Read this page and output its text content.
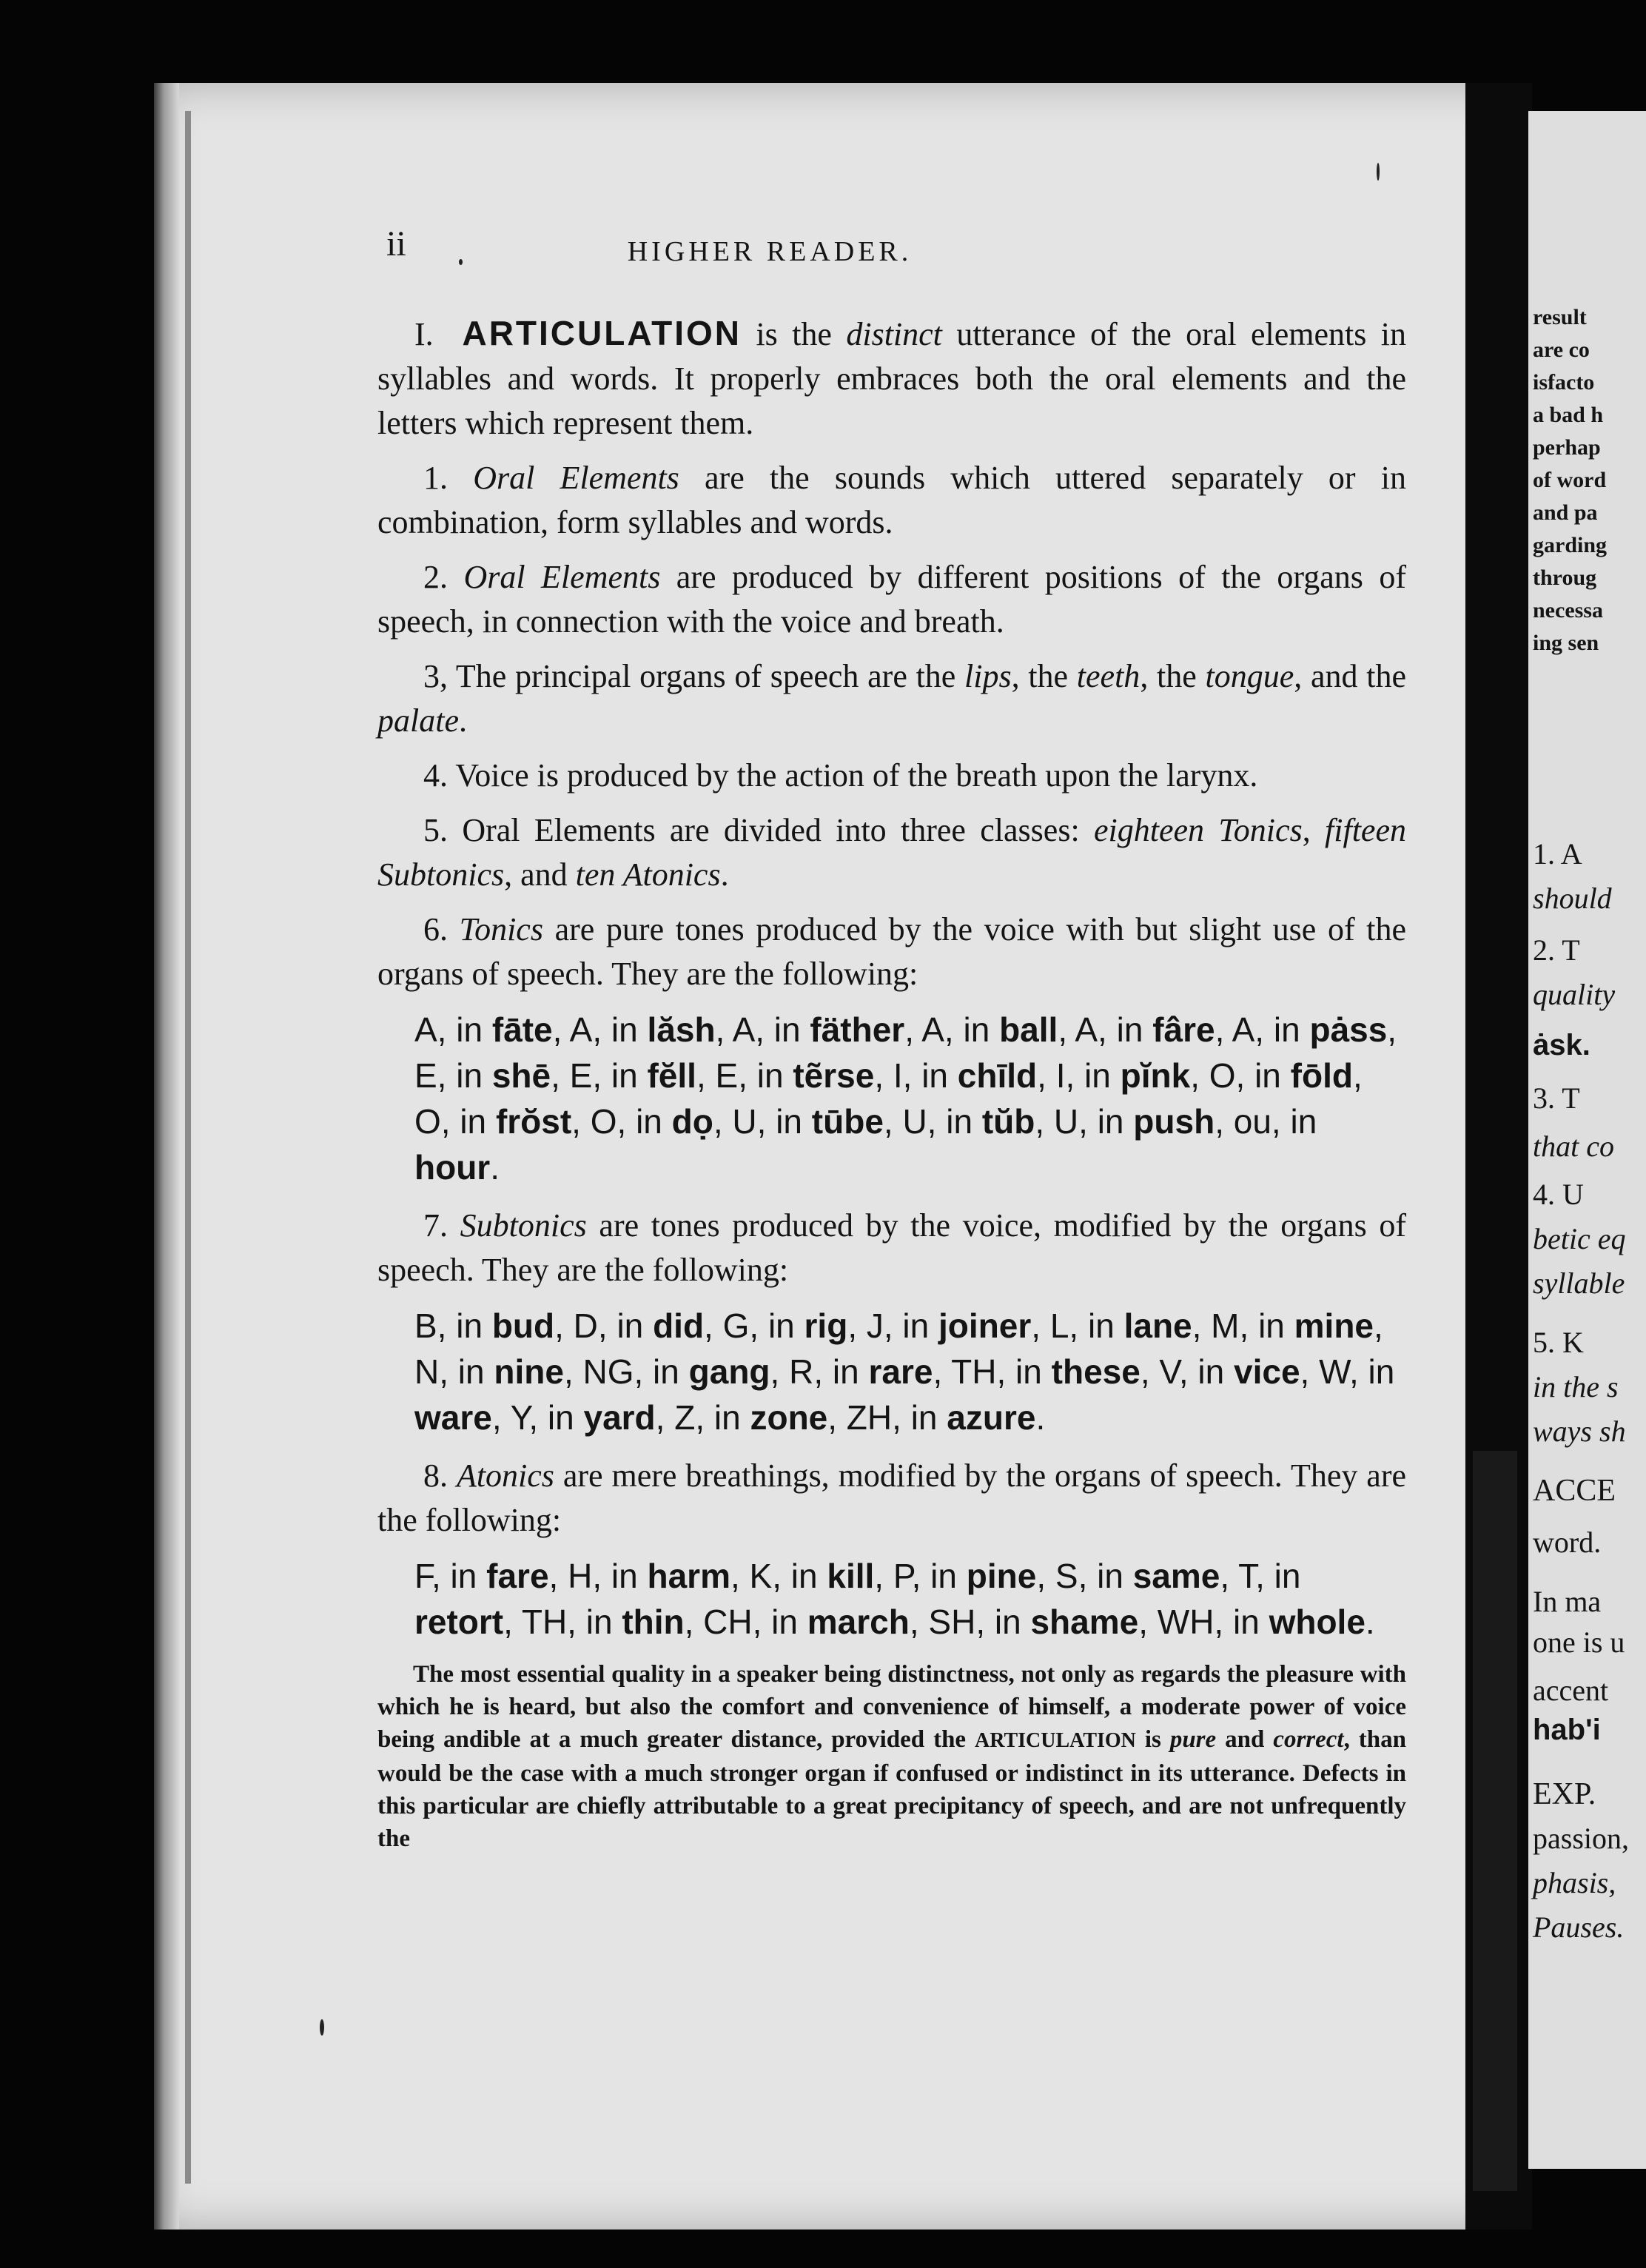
result
are co
isfacto
a bad h
perhap
of word
and pa
garding
throug
necessa
ing sen
1. A
should
2. T
quality
ȧsk.
3. T
that co
4. U
betic eq
syllable
5. K
in the s
ways sh
ACCE
word.
In ma
one is u
accent
hab'i
EXP.
passion,
phasis,
Pauses.
ii	HIGHER READER.

I. ARTICULATION is the distinct utterance of the oral elements in syllables and words. It properly embraces both the oral elements and the letters which represent them.

1. Oral Elements are the sounds which uttered separately or in combination, form syllables and words.

2. Oral Elements are produced by different positions of the organs of speech, in connection with the voice and breath.

3, The principal organs of speech are the lips, the teeth, the tongue, and the palate.

4. Voice is produced by the action of the breath upon the larynx.

5. Oral Elements are divided into three classes: eighteen Tonics, fifteen Subtonics, and ten Atonics.

6. Tonics are pure tones produced by the voice with but slight use of the organs of speech. They are the following:

A, in fāte, A, in lăsh, A, in fäther, A, in ball, A, in fâre, A, in pȧss, E, in shē, E, in fĕll, E, in tẽrse, I, in chīld, I, in pĭnk, O, in fōld, O, in frŏst, O, in dọ, U, in tūbe, U, in tŭb, U, in push, ou, in hour.

7. Subtonics are tones produced by the voice, modified by the organs of speech. They are the following:

B, in bud, D, in did, G, in rig, J, in joiner, L, in lane, M, in mine, N, in nine, NG, in gang, R, in rare, TH, in these, V, in vice, W, in ware, Y, in yard, Z, in zone, ZH, in azure.

8. Atonics are mere breathings, modified by the organs of speech. They are the following:

F, in fare, H, in harm, K, in kill, P, in pine, S, in same, T, in retort, TH, in thin, CH, in march, SH, in shame, WH, in whole.

The most essential quality in a speaker being distinctness, not only as regards the pleasure with which he is heard, but also the comfort and convenience of himself, a moderate power of voice being andible at a much greater distance, provided the ARTICULATION is pure and correct, than would be the case with a much stronger organ if confused or indistinct in its utterance. Defects in this particular are chiefly attributable to a great precipitancy of speech, and are not unfrequently the
